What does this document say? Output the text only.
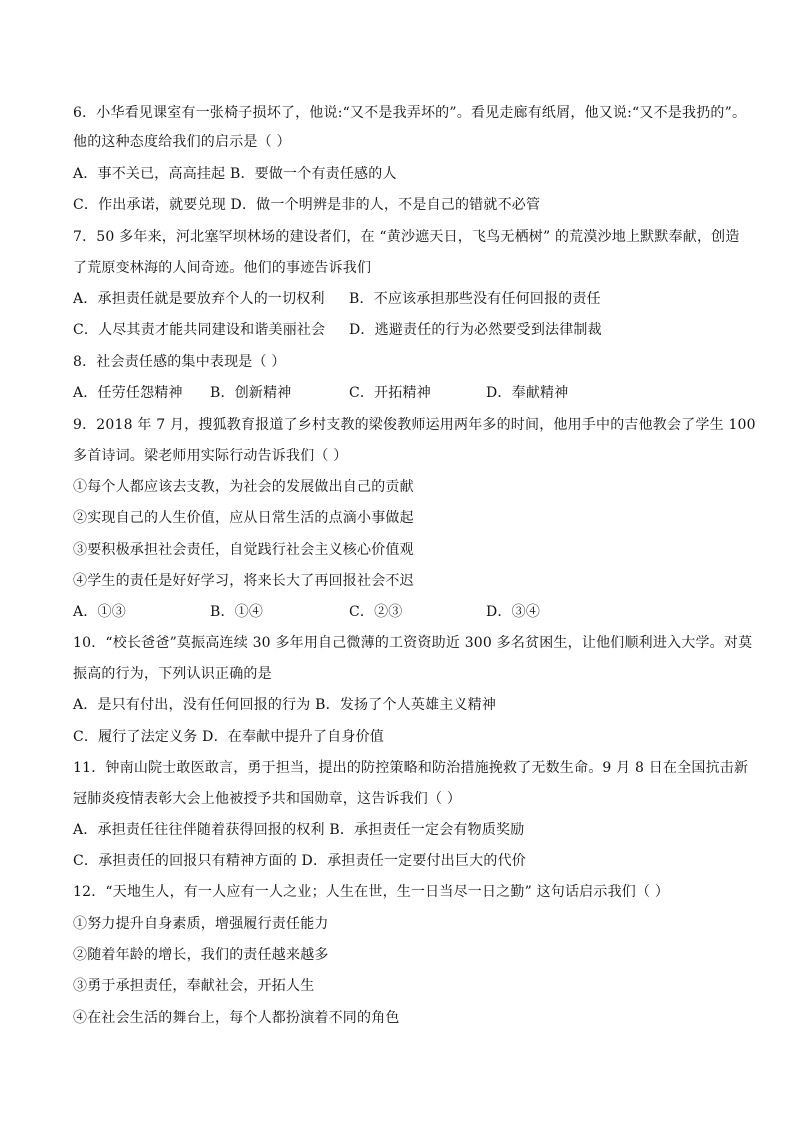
6．小华看见课室有一张椅子损坏了，他说:“又不是我弄坏的”。看见走廊有纸屑，他又说:“又不是我扔的”。
他的这种态度给我们的启示是（ ）
A．事不关已，高高挂起 B．要做一个有责任感的人
C．作出承诺，就要兑现 D．做一个明辨是非的人，不是自己的错就不必管
7．50 多年来，河北塞罕坝林场的建设者们，在 “黄沙遮天日，飞鸟无栖树” 的荒漠沙地上默默奉献，创造
了荒原变林海的人间奇迹。他们的事迹告诉我们
A．承担责任就是要放弃个人的一切权利 B．不应该承担那些没有任何回报的责任
C．人尽其责才能共同建设和谐美丽社会 D．逃避责任的行为必然要受到法律制裁
8．社会责任感的集中表现是（ ）
A．任劳任怨精神 B．创新精神	C．开拓精神	D．奉献精神
9．2018 年 7 月，搜狐教育报道了乡村支教的梁俊教师运用两年多的时间，他用手中的吉他教会了学生 100
多首诗词。梁老师用实际行动告诉我们（ ）
①每个人都应该去支教，为社会的发展做出自己的贡献
②实现自己的人生价值，应从日常生活的点滴小事做起
③要积极承担社会责任，自觉践行社会主义核心价值观
④学生的责任是好好学习，将来长大了再回报社会不迟
A．①③	B．①④	C．②③	D．③④
10．“校长爸爸”莫振高连续 30 多年用自己微薄的工资资助近 300 多名贫困生，让他们顺利进入大学。对莫
振高的行为，下列认识正确的是
A．是只有付出，没有任何回报的行为 B．发扬了个人英雄主义精神
C．履行了法定义务 D．在奉献中提升了自身价值
11．钟南山院士敢医敢言，勇于担当，提出的防控策略和防治措施挽救了无数生命。9 月 8 日在全国抗击新
冠肺炎疫情表彰大会上他被授予共和国勋章，这告诉我们（ ）
A．承担责任往往伴随着获得回报的权利 B．承担责任一定会有物质奖励
C．承担责任的回报只有精神方面的 D．承担责任一定要付出巨大的代价
12．“天地生人，有一人应有一人之业；人生在世，生一日当尽一日之勤” 这句话启示我们（ ）
①努力提升自身素质，增强履行责任能力
②随着年龄的增长，我们的责任越来越多
③勇于承担责任，奉献社会，开拓人生
④在社会生活的舞台上，每个人都扮演着不同的角色
